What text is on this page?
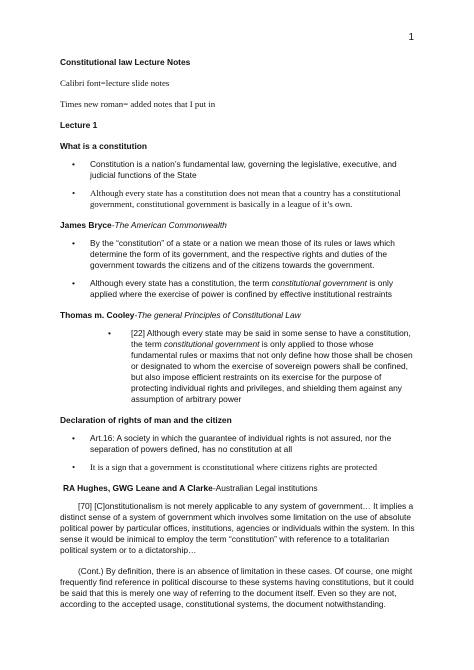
1

Constitutional law Lecture Notes

Calibri font=lecture slide notes

Times new roman= added notes that I put in

Lecture 1

What is a constitution

• Constitution is a nation’s fundamental law, governing the legislative, executive, and judicial functions of the State
• Although every state has a constitution does not mean that a country has a constitutional government, constitutional government is basically in a league of it’s own.

James Bryce-The American Commonwealth

• By the “constitution” of a state or a nation we mean those of its rules or laws which determine the form of its government, and the respective rights and duties of the government towards the citizens and of the citizens towards the government.
• Although every state has a constitution, the term constitutional government is only applied where the exercise of power is confined by effective institutional restraints

Thomas m. Cooley-The general Principles of Constitutional Law

• [22] Although every state may be said in some sense to have a constitution, the term constitutional government is only applied to those whose fundamental rules or maxims that not only define how those shall be chosen or designated to whom the exercise of sovereign powers shall be confined, but also impose efficient restraints on its exercise for the purpose of protecting individual rights and privileges, and shielding them against any assumption of arbitrary power

Declaration of rights of man and the citizen

• Art.16: A society in which the guarantee of individual rights is not assured, nor the separation of powers defined, has no constitution at all
• It is a sign that a government is cconstitutional where citizens rights are protected

RA Hughes, GWG Leane and A Clarke-Australian Legal institutions

[70] [C]onstitutionalism is not merely applicable to any system of government… It implies a distinct sense of a system of government which involves some limitation on the use of absolute political power by particular offices, institutions, agencies or individuals within the system. In this sense it would be inimical to employ the term “constitution” with reference to a totalitarian political system or to a dictatorship…

(Cont.) By definition, there is an absence of limitation in these cases. Of course, one might frequently find reference in political discourse to these systems having constitutions, but it could be said that this is merely one way of referring to the document itself. Even so they are not, according to the accepted usage, constitutional systems, the document notwithstanding.
